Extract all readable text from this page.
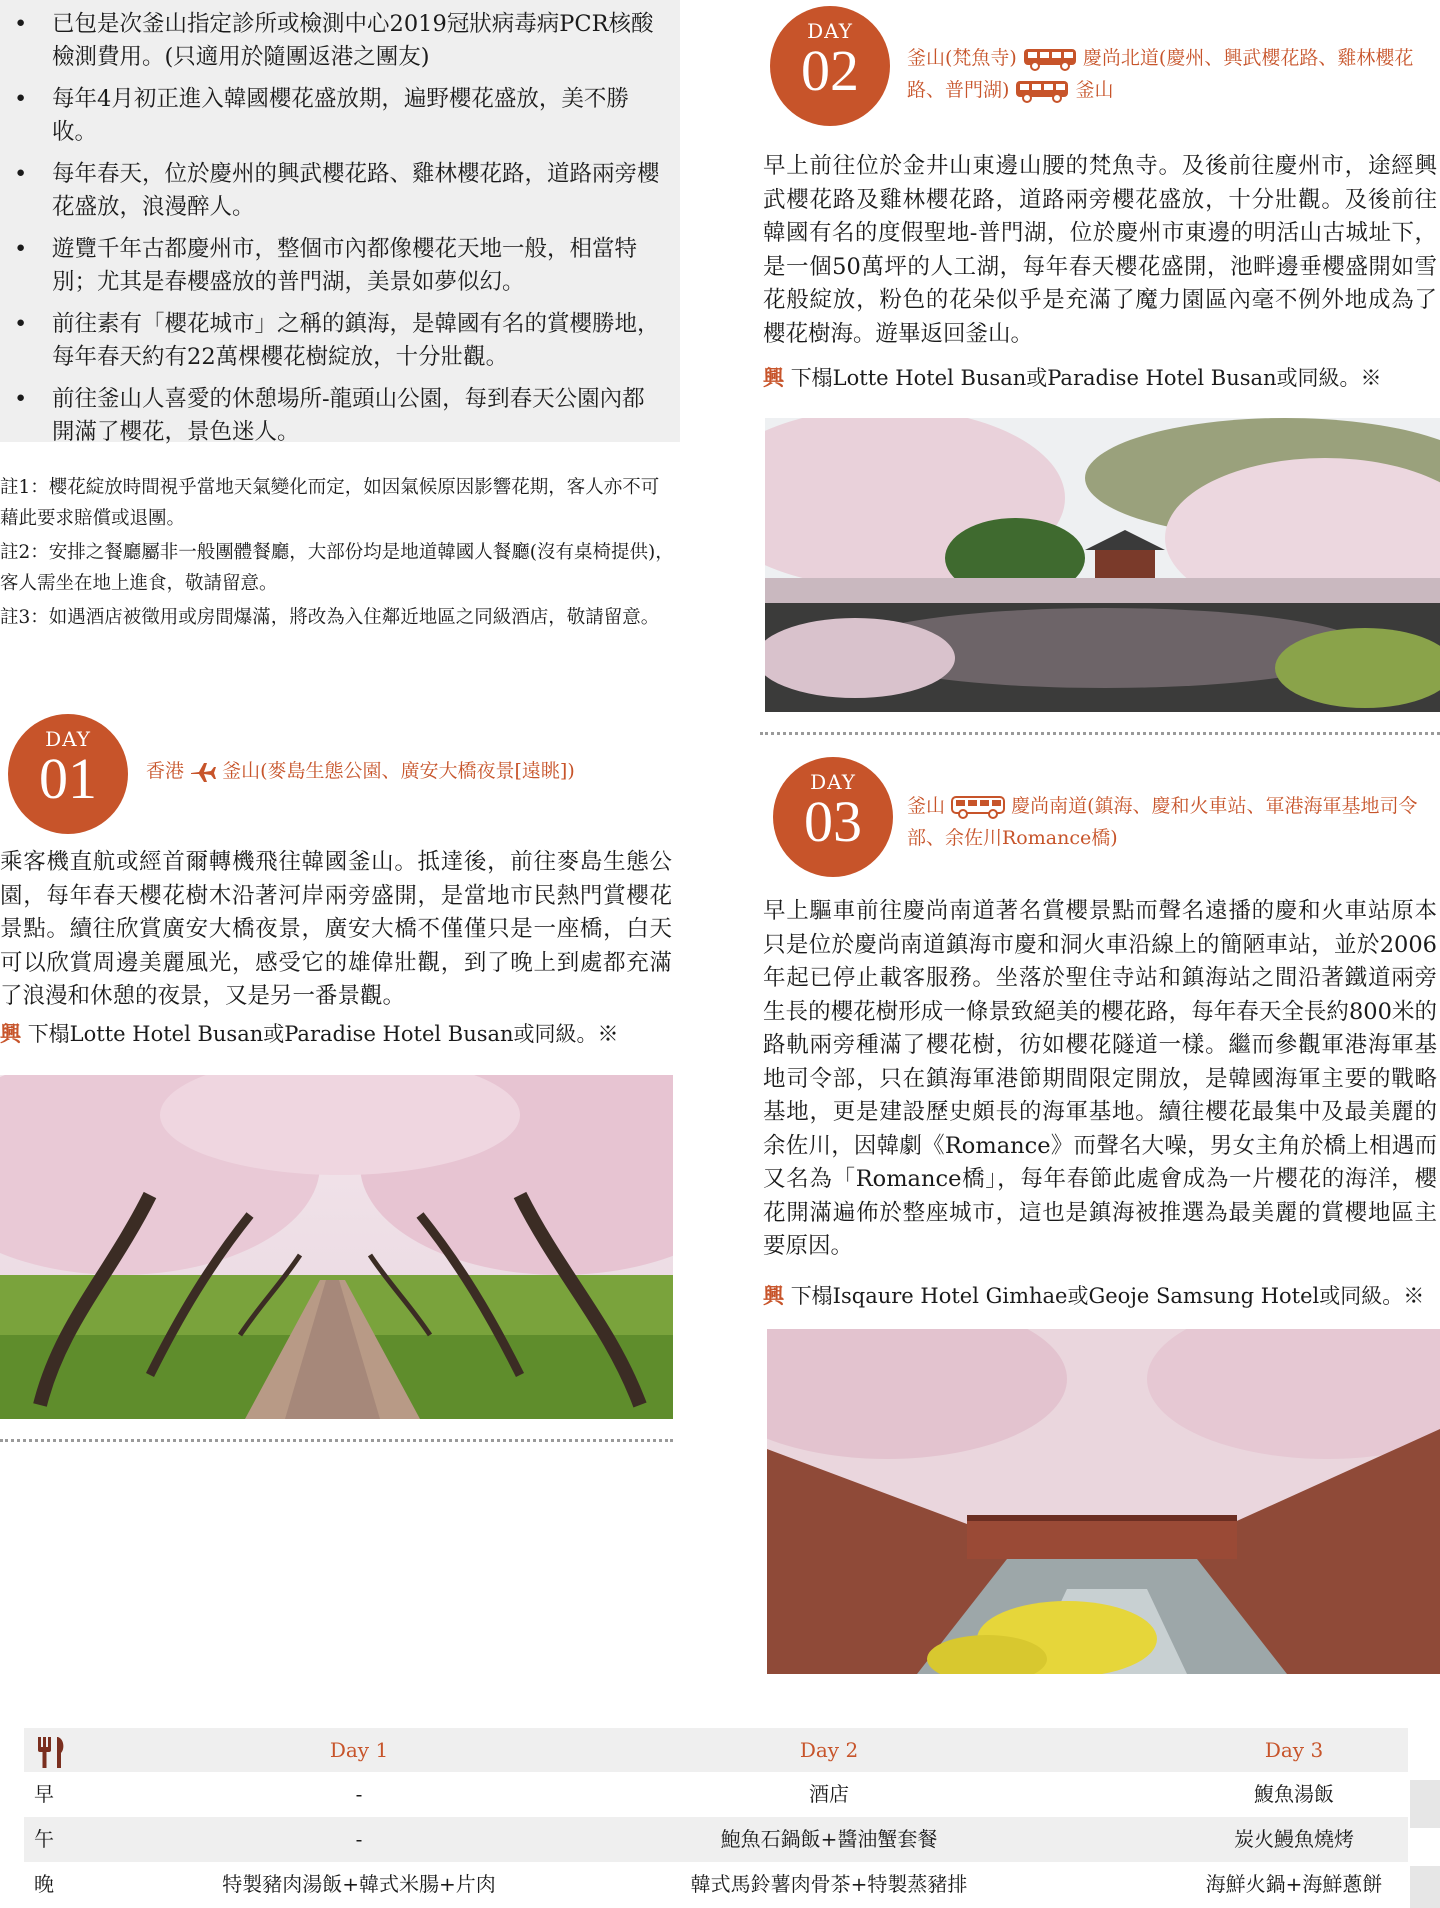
• 已包是次釜山指定診所或檢測中心2019冠狀病毒病PCR核酸檢測費用。(只適用於隨團返港之團友)
• 每年4月初正進入韓國櫻花盛放期，遍野櫻花盛放，美不勝收。
• 每年春天，位於慶州的興武櫻花路、雞林櫻花路，道路兩旁櫻花盛放，浪漫醉人。
• 遊覽千年古都慶州市，整個市內都像櫻花天地一般，相當特別；尤其是春櫻盛放的普門湖，美景如夢似幻。
• 前往素有「櫻花城市」之稱的鎮海，是韓國有名的賞櫻勝地，每年春天約有22萬棵櫻花樹綻放，十分壯觀。
• 前往釜山人喜愛的休憩場所-龍頭山公園，每到春天公園內都開滿了櫻花，景色迷人。

註1：櫻花綻放時間視乎當地天氣變化而定，如因氣候原因影響花期，客人亦不可藉此要求賠償或退團。

註2：安排之餐廳屬非一般團體餐廳，大部份均是地道韓國人餐廳(沒有桌椅提供)，客人需坐在地上進食，敬請留意。

註3：如遇酒店被徵用或房間爆滿，將改為入住鄰近地區之同級酒店，敬請留意。

DAY
01	香港 釜山(麥島生態公園、廣安大橋夜景[遠眺])
乘客機直航或經首爾轉機飛往韓國釜山。抵達後，前往麥島生態公園，每年春天櫻花樹木沿著河岸兩旁盛開，是當地市民熱門賞櫻花景點。續往欣賞廣安大橋夜景，廣安大橋不僅僅只是一座橋，白天可以欣賞周邊美麗風光，感受它的雄偉壯觀，到了晚上到處都充滿了浪漫和休憩的夜景，又是另一番景觀。
興 下榻Lotte Hotel Busan或Paradise Hotel Busan或同級。※
DAY
02	釜山(梵魚寺)	慶尚北道(慶州、興武櫻花路、雞林櫻花路、普門湖)	釜山
早上前往位於金井山東邊山腰的梵魚寺。及後前往慶州市，途經興武櫻花路及雞林櫻花路，道路兩旁櫻花盛放，十分壯觀。及後前往韓國有名的度假聖地-普門湖，位於慶州市東邊的明活山古城址下，是一個50萬坪的人工湖，每年春天櫻花盛開，池畔邊垂櫻盛開如雪花般綻放，粉色的花朵似乎是充滿了魔力園區內毫不例外地成為了櫻花樹海。遊畢返回釜山。
興 下榻Lotte Hotel Busan或Paradise Hotel Busan或同級。※
DAY
03	釜山	慶尚南道(鎮海、慶和火車站、軍港海軍基地司令部、余佐川Romance橋)
早上驅車前往慶尚南道著名賞櫻景點而聲名遠播的慶和火車站原本只是位於慶尚南道鎮海市慶和洞火車沿線上的簡陋車站，並於2006年起已停止載客服務。坐落於聖住寺站和鎮海站之間沿著鐵道兩旁生長的櫻花樹形成一條景致絕美的櫻花路，每年春天全長約800米的路軌兩旁種滿了櫻花樹，彷如櫻花隧道一樣。繼而參觀軍港海軍基地司令部，只在鎮海軍港節期間限定開放，是韓國海軍主要的戰略基地，更是建設歷史頗長的海軍基地。續往櫻花最集中及最美麗的余佐川，因韓劇《Romance》而聲名大噪，男女主角於橋上相遇而又名為「Romance橋」，每年春節此處會成為一片櫻花的海洋，櫻花開滿遍佈於整座城市，這也是鎮海被推選為最美麗的賞櫻地區主要原因。
興 下榻Isqaure Hotel Gimhae或Geoje Samsung Hotel或同級。※
Day 1	Day 2	Day 3
早	-	酒店	鰒魚湯飯
午	-	鮑魚石鍋飯+醬油蟹套餐	炭火鰻魚燒烤
晚	特製豬肉湯飯+韓式米腸+片肉	韓式馬鈴薯肉骨茶+特製蒸豬排	海鮮火鍋+海鮮蔥餅
